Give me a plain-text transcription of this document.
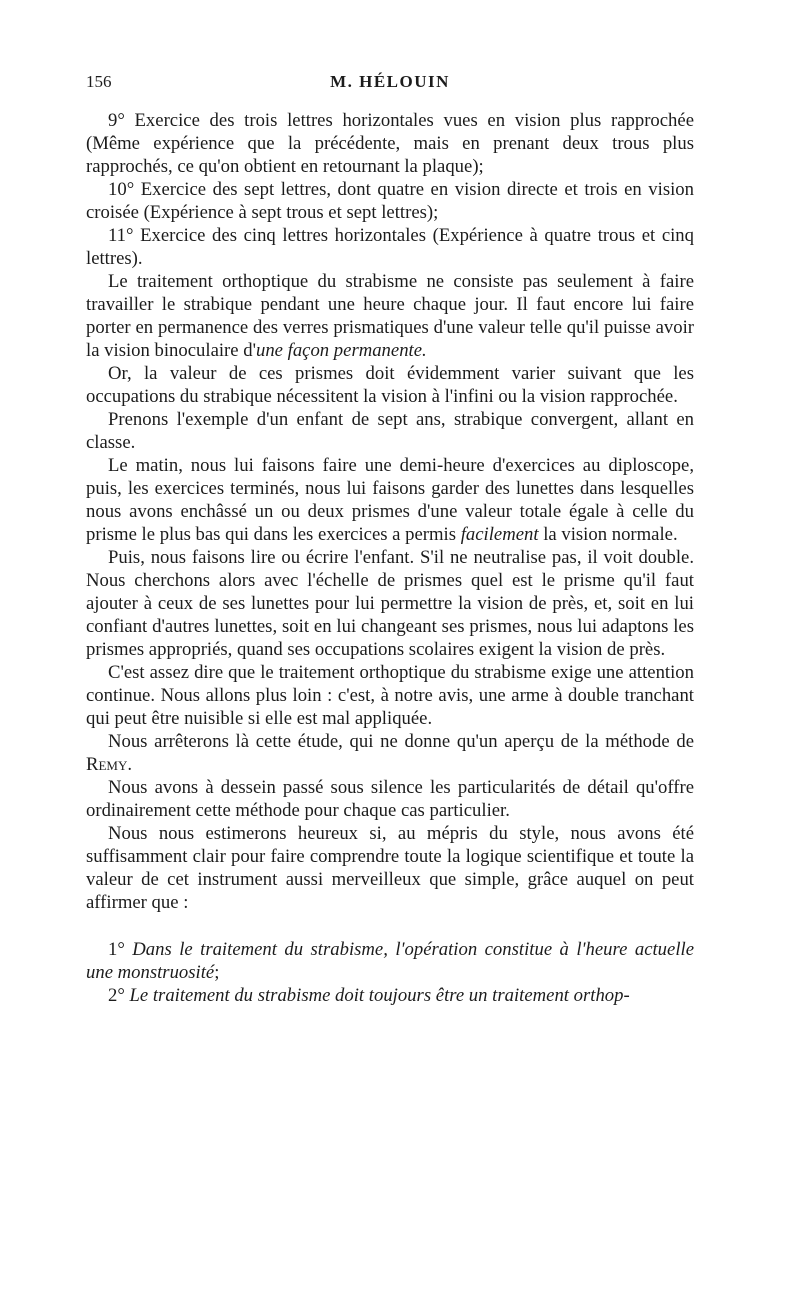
156	M. HÉLOUIN

9° Exercice des trois lettres horizontales vues en vision plus rapprochée (Même expérience que la précédente, mais en prenant deux trous plus rapprochés, ce qu'on obtient en retournant la plaque);

10° Exercice des sept lettres, dont quatre en vision directe et trois en vision croisée (Expérience à sept trous et sept lettres);

11° Exercice des cinq lettres horizontales (Expérience à quatre trous et cinq lettres).

Le traitement orthoptique du strabisme ne consiste pas seulement à faire travailler le strabique pendant une heure chaque jour. Il faut encore lui faire porter en permanence des verres prismatiques d'une valeur telle qu'il puisse avoir la vision binoculaire d'une façon permanente.

Or, la valeur de ces prismes doit évidemment varier suivant que les occupations du strabique nécessitent la vision à l'infini ou la vision rapprochée.

Prenons l'exemple d'un enfant de sept ans, strabique convergent, allant en classe.

Le matin, nous lui faisons faire une demi-heure d'exercices au diploscope, puis, les exercices terminés, nous lui faisons garder des lunettes dans lesquelles nous avons enchâssé un ou deux prismes d'une valeur totale égale à celle du prisme le plus bas qui dans les exercices a permis facilement la vision normale.

Puis, nous faisons lire ou écrire l'enfant. S'il ne neutralise pas, il voit double. Nous cherchons alors avec l'échelle de prismes quel est le prisme qu'il faut ajouter à ceux de ses lunettes pour lui permettre la vision de près, et, soit en lui confiant d'autres lunettes, soit en lui changeant ses prismes, nous lui adaptons les prismes appropriés, quand ses occupations scolaires exigent la vision de près.

C'est assez dire que le traitement orthoptique du strabisme exige une attention continue. Nous allons plus loin : c'est, à notre avis, une arme à double tranchant qui peut être nuisible si elle est mal appliquée.

Nous arrêterons là cette étude, qui ne donne qu'un aperçu de la méthode de Remy.

Nous avons à dessein passé sous silence les particularités de détail qu'offre ordinairement cette méthode pour chaque cas particulier.

Nous nous estimerons heureux si, au mépris du style, nous avons été suffisamment clair pour faire comprendre toute la logique scientifique et toute la valeur de cet instrument aussi merveilleux que simple, grâce auquel on peut affirmer que :

1° Dans le traitement du strabisme, l'opération constitue à l'heure actuelle une monstruosité;

2° Le traitement du strabisme doit toujours être un traitement orthop-
